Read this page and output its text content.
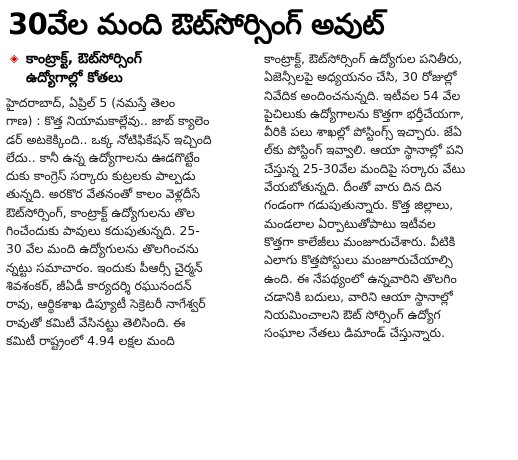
30వేల మంది ఔట్‌సోర్సింగ్ అవుట్
◈ కాంట్రాక్ట్, ఔట్‌సోర్సింగ్
ఉద్యోగాల్లో కోతలు
హైదరాబాద్, ఏప్రిల్ 5 (నమస్తే తెలం
గాణ) : కొత్త నియామకాల్లేవు.. జాబ్ క్యాలెం
డర్ అటకెక్కింది.. ఒక్క నోటిఫికేషన్ ఇచ్చింది
లేదు.. కానీ ఉన్న ఉద్యోగాలను ఊడగొట్టేం
దుకు కాంగ్రెస్ సర్కారు కుట్రలకు పాల్పడు
తున్నది. అరకొర వేతనంతో కాలం వెళ్లదీసే
ఔట్‌సోర్సింగ్, కాంట్రాక్ట్ ఉద్యోగులను తొల
గించేందుకు పావులు కదుపుతున్నది. 25-
30 వేల మంది ఉద్యోగులను తొలగించను
న్నట్టు సమాచారం. ఇందుకు పీఆర్సీ చైర్మన్
శివశంకర్, జీఏడీ కార్యదర్శి రఘునందన్
రావు, ఆర్థికశాఖ డిప్యూటీ సెక్రెటరీ నాగేశ్వర్
రావుతో కమిటీ వేసినట్టు తెలిసింది. ఈ
కమిటీ రాష్ట్రంలో 4.94 లక్షల మంది
కాంట్రాక్ట్, ఔట్‌సోర్సింగ్ ఉద్యోగుల పనితీరు,
ఏజెన్సీలపై అధ్యయనం చేసి, 30 రోజుల్లో
నివేదిక అందించనున్నది. ఇటీవల 54 వేల
పైచిలుకు ఉద్యోగాలను కొత్తగా భర్తీచేయగా,
వీరికి పలు శాఖల్లో పోస్టింగ్స్ ఇచ్చారు. జేఏ
ల్‌కు పోస్టింగ్ ఇవ్వాలి. ఆయా స్థానాల్లో పని
చేస్తున్న 25-30వేల మందిపై సర్కారు వేటు
వేయబోతున్నది. దీంతో వారు దిన దిన
గండంగా గడుపుతున్నారు. కొత్త జిల్లాలు,
మండలాల ఏర్పాటుతోపాటు ఇటీవల
కొత్తగా కాలేజీలు మంజూరుచేశారు. వీటికి
ఎలాగు కొత్తపోస్టులు మంజూరుచేయాల్సి
ఉంది. ఈ నేపథ్యంలో ఉన్నవారిని తొలగిం
చడానికి బదులు, వారిని ఆయా స్థానాల్లో
నియమించాలని ఔట్ సోర్సింగ్ ఉద్యోగ
సంఘాల నేతలు డిమాండ్ చేస్తున్నారు.
